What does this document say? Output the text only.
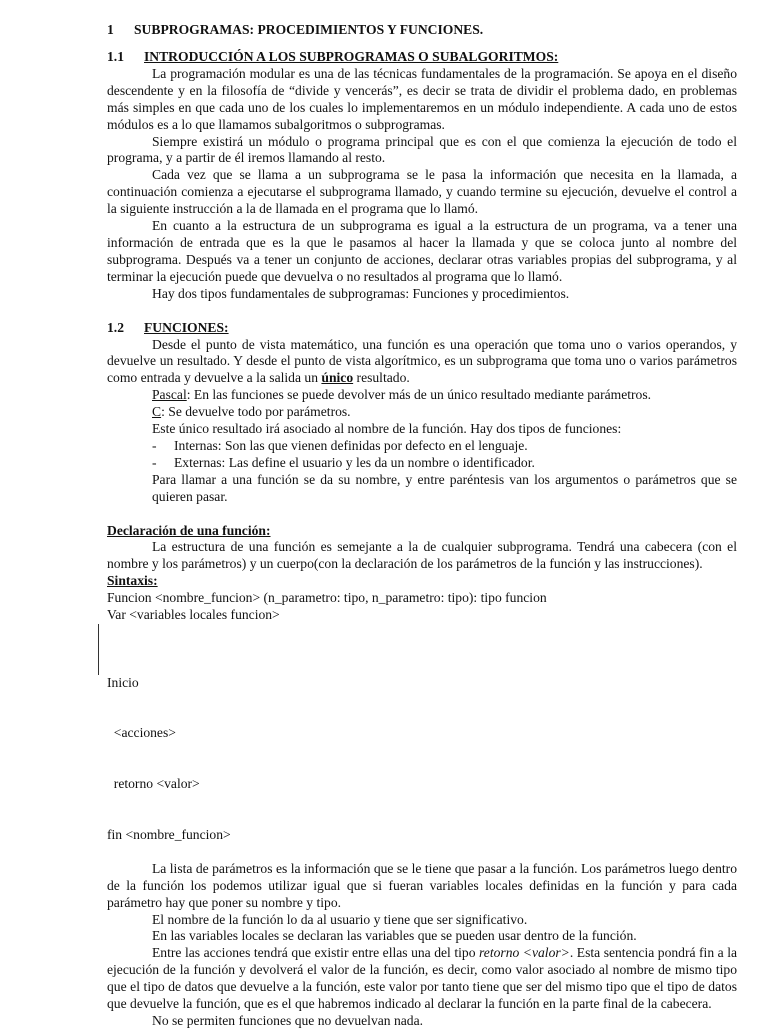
1 SUBPROGRAMAS: PROCEDIMIENTOS Y FUNCIONES.
1.1 INTRODUCCIÓN A LOS SUBPROGRAMAS O SUBALGORITMOS:

La programación modular es una de las técnicas fundamentales de la programación. Se apoya en el diseño descendente y en la filosofía de “divide y vencerás”, es decir se trata de dividir el problema dado, en problemas más simples en que cada uno de los cuales lo implementaremos en un módulo independiente. A cada uno de estos módulos es a lo que llamamos subalgoritmos o subprogramas.

Siempre existirá un módulo o programa principal que es con el que comienza la ejecución de todo el programa, y a partir de él iremos llamando al resto.

Cada vez que se llama a un subprograma se le pasa la información que necesita en la llamada, a continuación comienza a ejecutarse el subprograma llamado, y cuando termine su ejecución, devuelve el control a la siguiente instrucción a la de llamada en el programa que lo llamó.

En cuanto a la estructura de un subprograma es igual a la estructura de un programa, va a tener una información de entrada que es la que le pasamos al hacer la llamada y que se coloca junto al nombre del subprograma. Después va a tener un conjunto de acciones, declarar otras variables propias del subprograma, y al terminar la ejecución puede que devuelva o no resultados al programa que lo llamó.

Hay dos tipos fundamentales de subprogramas: Funciones y procedimientos.

1.2 FUNCIONES:

Desde el punto de vista matemático, una función es una operación que toma uno o varios operandos, y devuelve un resultado. Y desde el punto de vista algorítmico, es un subprograma que toma uno o varios parámetros como entrada y devuelve a la salida un único resultado.

Pascal: En las funciones se puede devolver más de un único resultado mediante parámetros.

C: Se devuelve todo por parámetros.

Este único resultado irá asociado al nombre de la función. Hay dos tipos de funciones:

- Internas: Son las que vienen definidas por defecto en el lenguaje.
- Externas: Las define el usuario y les da un nombre o identificador.

Para llamar a una función se da su nombre, y entre paréntesis van los argumentos o parámetros que se quieren pasar.

Declaración de una función:

La estructura de una función es semejante a la de cualquier subprograma. Tendrá una cabecera (con el nombre y los parámetros) y un cuerpo(con la declaración de los parámetros de la función y las instrucciones).

Sintaxis:
Funcion <nombre_funcion> (n_parametro: tipo, n_parametro: tipo): tipo funcion
Var <variables locales funcion>

Inicio

<acciones>

retorno <valor>

fin <nombre_funcion>

La lista de parámetros es la información que se le tiene que pasar a la función. Los parámetros luego dentro de la función los podemos utilizar igual que si fueran variables locales definidas en la función y para cada parámetro hay que poner su nombre y tipo.

El nombre de la función lo da al usuario y tiene que ser significativo.

En las variables locales se declaran las variables que se pueden usar dentro de la función.

Entre las acciones tendrá que existir entre ellas una del tipo retorno <valor>. Esta sentencia pondrá fin a la ejecución de la función y devolverá el valor de la función, es decir, como valor asociado al nombre de mismo tipo que el tipo de datos que devuelve a la función, este valor por tanto tiene que ser del mismo tipo que el tipo de datos que devuelve la función, que es el que habremos indicado al declarar la función en la parte final de la cabecera.

No se permiten funciones que no devuelvan nada.
